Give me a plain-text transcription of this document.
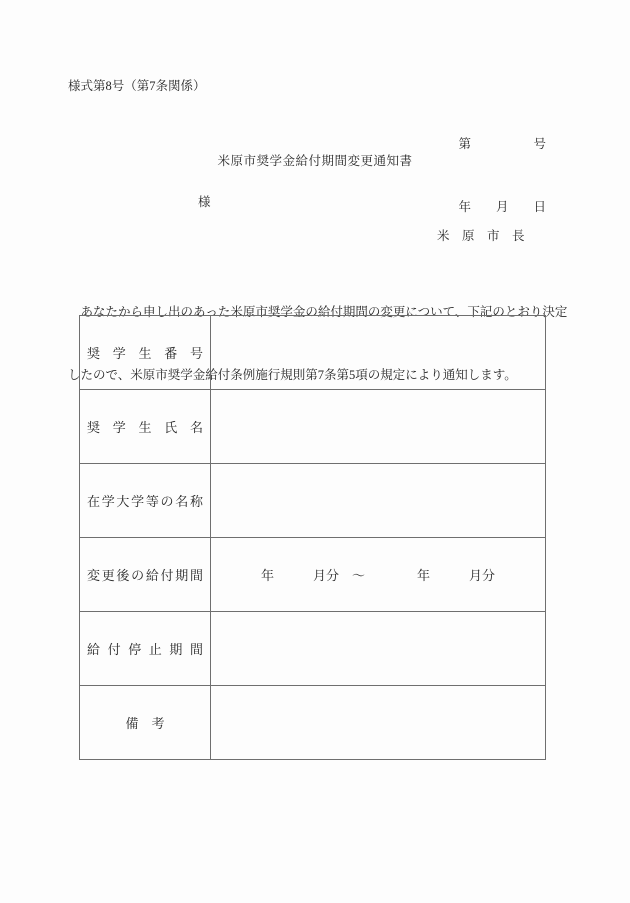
様式第8号（第7条関係）

第　　　　　号

年　　月　　日

米原市奨学金給付期間変更通知書
様
米　原　市　長

　あなたから申し出のあった米原市奨学金の給付期間の変更について、下記のとおり決定

したので、米原市奨学金給付条例施行規則第7条第5項の規定により通知します。

奨学生番号	
奨学生氏名	
在学大学等の名称	
変更後の給付期間	年　　　月分　～　　　　年　　　月分
給付停止期間	
備　考	
